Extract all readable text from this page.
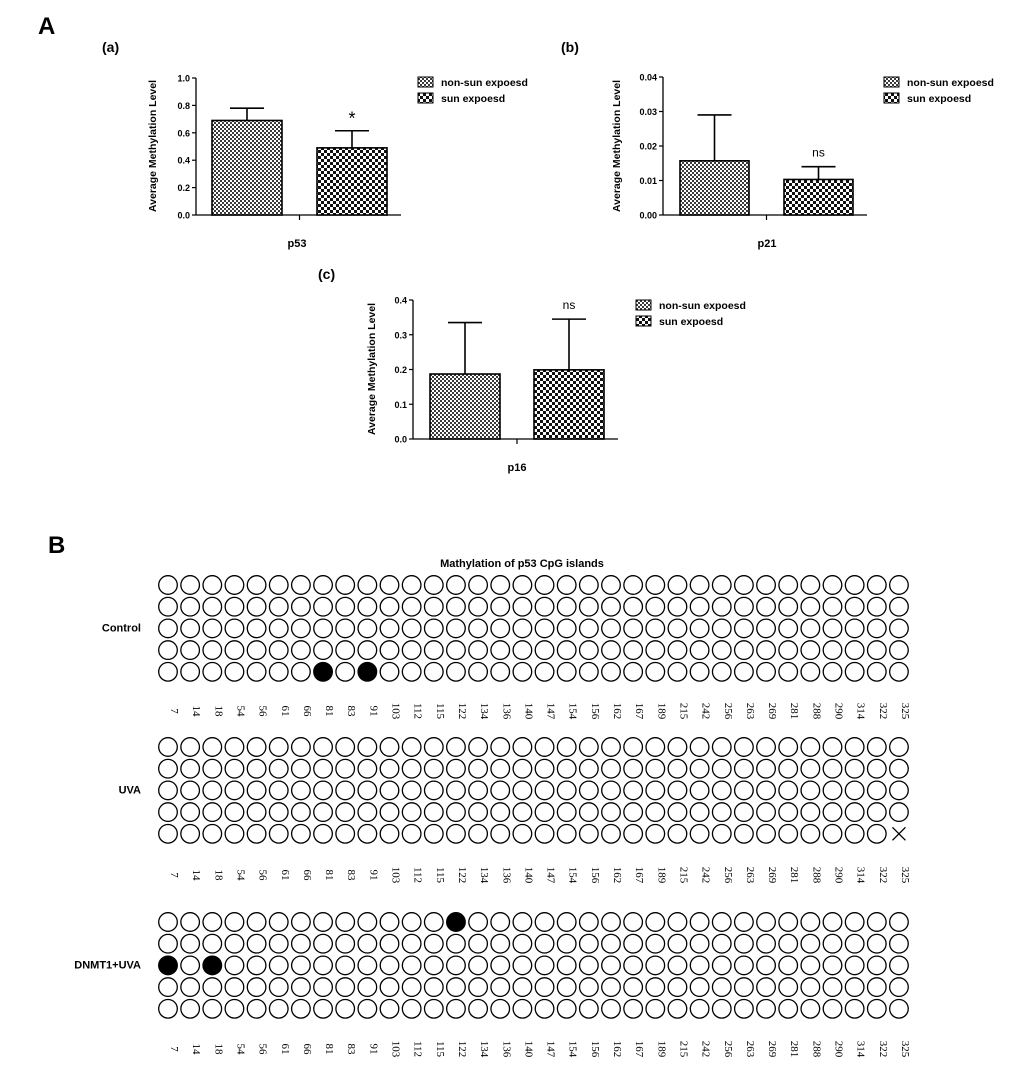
A
B
(a)
0.0
0.2
0.4
0.6
0.8
1.0
p53
Average Methylation Level	*
non-sun expoesd
sun expoesd
(b)
0.00
0.01
0.02
0.03
0.04
p21
Average Methylation Level	ns
non-sun expoesd
sun expoesd
(c)
0.0
0.1
0.2
0.3
0.4
p16
Average Methylation Level	ns	non-sun expoesd
sun expoesd
Mathylation of p53 CpG islands
Control
7 14 18 54 56 61 66 81 83 91 103 112 115 122 134 136 140 147 154 156 162 167 189 215 242 256 263 269 281 288 290 314 322 325
UVA
7 14 18 54 56 61 66 81 83 91 103 112 115 122 134 136 140 147 154 156 162 167 189 215 242 256 263 269 281 288 290 314 322 325
DNMT1+UVA
7 14 18 54 56 61 66 81 83 91 103 112 115 122 134 136 140 147 154 156 162 167 189 215 242 256 263 269 281 288 290 314 322 325
